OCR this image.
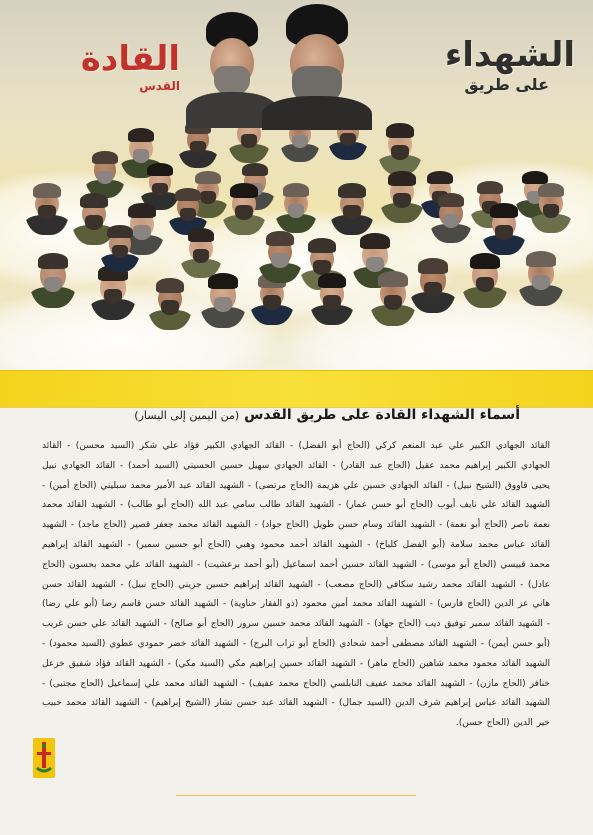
الشهداء
على طريق
القادة
القدس
أسماء الشهداء القادة على طريق القدس (من اليمين إلى اليسار)
القائد الجهادي الكبير علي عبد المنعم كركي (الحاج أبو الفضل) - القائد الجهادي الكبير فؤاد علي شكر (السيد محسن) - القائد الجهادي الكبير إبراهيم محمد عقيل (الحاج عبد القادر) - القائد الجهادي سهيل حسين الحسيني (السيد أحمد) - القائد الجهادي نبيل يحيى قاووق (الشيخ نبيل) - القائد الجهادي حسين علي هزيمة (الحاج مرتضى) - الشهيد القائد عبد الأمير محمد سبليني (الحاج أمين) - الشهيد القائد علي نايف أيوب (الحاج أبو حسن عمار) - الشهيد القائد طالب سامي عبد الله (الحاج أبو طالب) - الشهيد القائد محمد نعمة ناصر (الحاج أبو نعمة) - الشهيد القائد وسام حسن طويل (الحاج جواد) - الشهيد القائد محمد جعفر قصير (الحاج ماجد) - الشهيد القائد عباس محمد سلامة (أبو الفضل كلباخ) - الشهيد القائد أحمد محمود وهبي (الحاج أبو حسين سمير) - الشهيد القائد إبراهيم محمد قبيسي (الحاج أبو موسى) - الشهيد القائد حسين أحمد اسماعيل (أبو أحمد برعشيت) - الشهيد القائد علي محمد بحسون (الحاج عادل) - الشهيد القائد محمد رشيد سكافي (الحاج مصعب) - الشهيد القائد إبراهيم حسين جزيني (الحاج نبيل) - الشهيد القائد حسن هاني عز الدين (الحاج فارس) - الشهيد القائد محمد أمين محمود (ذو الفقار حناوية) - الشهيد القائد حسن قاسم رضا (أبو علي رضا) - الشهيد القائد سمير توفيق ديب (الحاج جهاد) - الشهيد القائد محمد حسين سرور (الحاج أبو صالح) - الشهيد القائد علي حسن غريب (أبو حسن أيمن) - الشهيد القائد مصطفى أحمد شحادي (الحاج أبو تراب البرج) - الشهيد القائد خضر حمودي عطوي (السيد محمود) - الشهيد القائد محمود محمد شاهين (الحاج ماهر) - الشهيد القائد حسين إبراهيم مكي (السيد مكي) - الشهيد القائد فؤاد شفيق خزعل خنافر (الحاج مازن) - الشهيد القائد محمد عفيف النابلسي (الحاج محمد عفيف) - الشهيد القائد محمد علي إسماعيل (الحاج مجتبى) - الشهيد القائد عباس إبراهيم شرف الدين (السيد جمال) - الشهيد القائد عبد حسن نشار (الشيخ إبراهيم) - الشهيد القائد محمد حبيب خير الدين (الحاج حسن).
